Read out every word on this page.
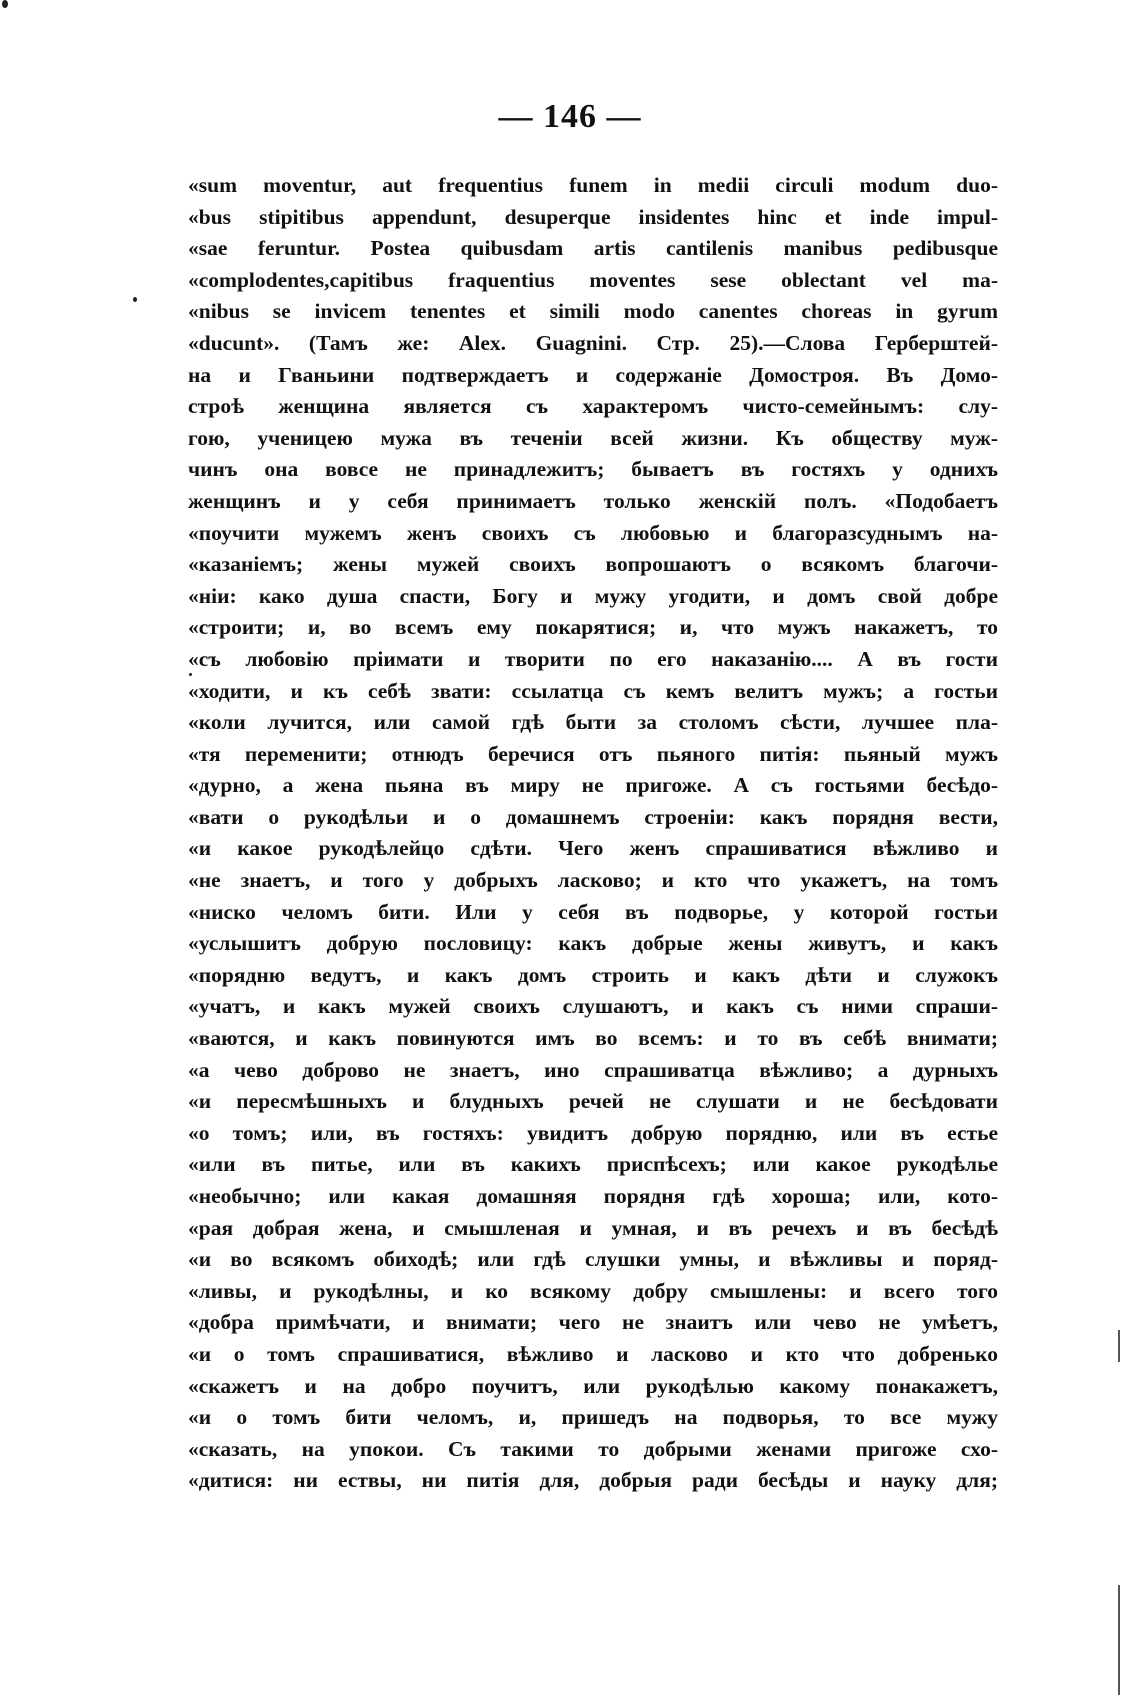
— 146 —
«sum moventur, aut frequentius funem in medii circuli modum duo-
«bus stipitibus appendunt, desuperque insidentes hinc et inde impul-
«sae feruntur. Postea quibusdam artis cantilenis manibus pedibusque
«complodentes,capitibus fraquentius moventes sese oblectant vel ma-
«nibus se invicem tenentes et simili modo canentes choreas in gyrum
«ducunt». (Тамъ же: Alex. Guagnini. Стр. 25).—Слова Герберштей-
на и Гваньини подтверждаетъ и содержаніе Домостроя. Въ Домо-
строѣ женщина является съ характеромъ чисто-семейнымъ: слу-
гою, ученицею мужа въ теченіи всей жизни. Къ обществу муж-
чинъ она вовсе не принадлежитъ; бываетъ въ гостяхъ у однихъ
женщинъ и у себя принимаетъ только женскій полъ. «Подобаетъ
«поучити мужемъ женъ своихъ съ любовью и благоразсуднымъ на-
«казаніемъ; жены мужей своихъ вопрошаютъ о всякомъ благочи-
«ніи: како душа спасти, Богу и мужу угодити, и домъ свой добре
«строити; и, во всемъ ему покарятися; и, что мужъ накажетъ, то
«съ любовію пріимати и творити по его наказанію.... А въ гости
«ходити, и къ себѣ звати: ссылатца съ кемъ велитъ мужъ; а гостьи
«коли лучится, или самой гдѣ быти за столомъ сѣсти, лучшее пла-
«тя переменити; отнюдъ беречися отъ пьяного питія: пьяный мужъ
«дурно, а жена пьяна въ миру не пригоже. А съ гостьями бесѣдо-
«вати о рукодѣльи и о домашнемъ строеніи: какъ порядня вести,
«и какое рукодѣлейцо сдѣти. Чего женъ спрашиватися вѣжливо и
«не знаетъ, и того у добрыхъ ласково; и кто что укажетъ, на томъ
«ниско челомъ бити. Или у себя въ подворье, у которой гостьи
«услышитъ добрую пословицу: какъ добрые жены живутъ, и какъ
«порядню ведутъ, и какъ домъ строить и какъ дѣти и служокъ
«учатъ, и какъ мужей своихъ слушаютъ, и какъ съ ними спраши-
«ваются, и какъ повинуются имъ во всемъ: и то въ себѣ внимати;
«а чево доброво не знаетъ, ино спрашиватца вѣжливо; а дурныхъ
«и пересмѣшныхъ и блудныхъ речей не слушати и не бесѣдовати
«о томъ; или, въ гостяхъ: увидитъ добрую порядню, или въ естье
«или въ питье, или въ какихъ приспѣсехъ; или какое рукодѣлье
«необычно; или какая домашняя порядня гдѣ хороша; или, кото-
«рая добрая жена, и смышленая и умная, и въ речехъ и въ бесѣдѣ
«и во всякомъ обиходѣ; или гдѣ слушки умны, и вѣжливы и поряд-
«ливы, и рукодѣлны, и ко всякому добру смышлены: и всего того
«добра примѣчати, и внимати; чего не знаитъ или чево не умѣетъ,
«и о томъ спрашиватися, вѣжливо и ласково и кто что добренько
«скажетъ и на добро поучитъ, или рукодѣлью какому понакажетъ,
«и о томъ бити челомъ, и, пришедъ на подворья, то все мужу
«сказать, на упокои. Съ такими то добрыми женами пригоже схо-
«дитися: ни ествы, ни питія для, добрыя ради бесѣды и науку для;
